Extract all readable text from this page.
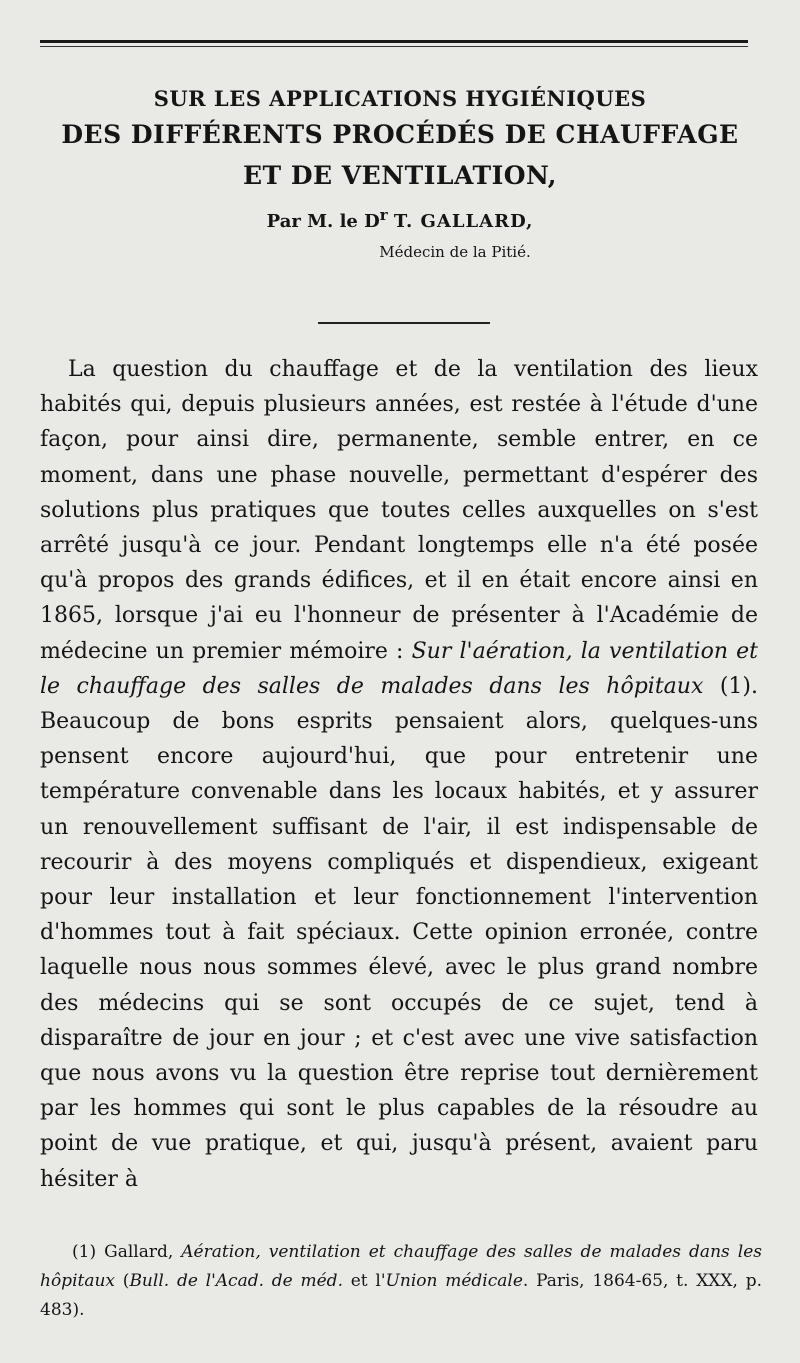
SUR LES APPLICATIONS HYGIÉNIQUES
DES DIFFÉRENTS PROCÉDÉS DE CHAUFFAGE
ET DE VENTILATION,
Par M. le $D^r$ T. GALLARD,
Médecin de la Pitié.

La question du chauffage et de la ventilation des lieux habités qui, depuis plusieurs années, est restée à l'étude d'une façon, pour ainsi dire, permanente, semble entrer, en ce moment, dans une phase nouvelle, permettant d'espérer des solutions plus pratiques que toutes celles auxquelles on s'est arrêté jusqu'à ce jour. Pendant longtemps elle n'a été posée qu'à propos des grands édifices, et il en était encore ainsi en 1865, lorsque j'ai eu l'honneur de présenter à l'Académie de médecine un premier mémoire : Sur l'aération, la ventilation et le chauffage des salles de malades dans les hôpitaux (1). Beaucoup de bons esprits pensaient alors, quelques-uns pensent encore aujourd'hui, que pour entretenir une température convenable dans les locaux habités, et y assurer un renouvellement suffisant de l'air, il est indispensable de recourir à des moyens compliqués et dispendieux, exigeant pour leur installation et leur fonctionnement l'intervention d'hommes tout à fait spéciaux. Cette opinion erronée, contre laquelle nous nous sommes élevé, avec le plus grand nombre des médecins qui se sont occupés de ce sujet, tend à disparaître de jour en jour ; et c'est avec une vive satisfaction que nous avons vu la question être reprise tout dernièrement par les hommes qui sont le plus capables de la résoudre au point de vue pratique, et qui, jusqu'à présent, avaient paru hésiter à

(1) Gallard, Aération, ventilation et chauffage des salles de malades dans les hôpitaux (Bull. de l'Acad. de méd. et l'Union médicale. Paris, 1864-65, t. XXX, p. 483).
